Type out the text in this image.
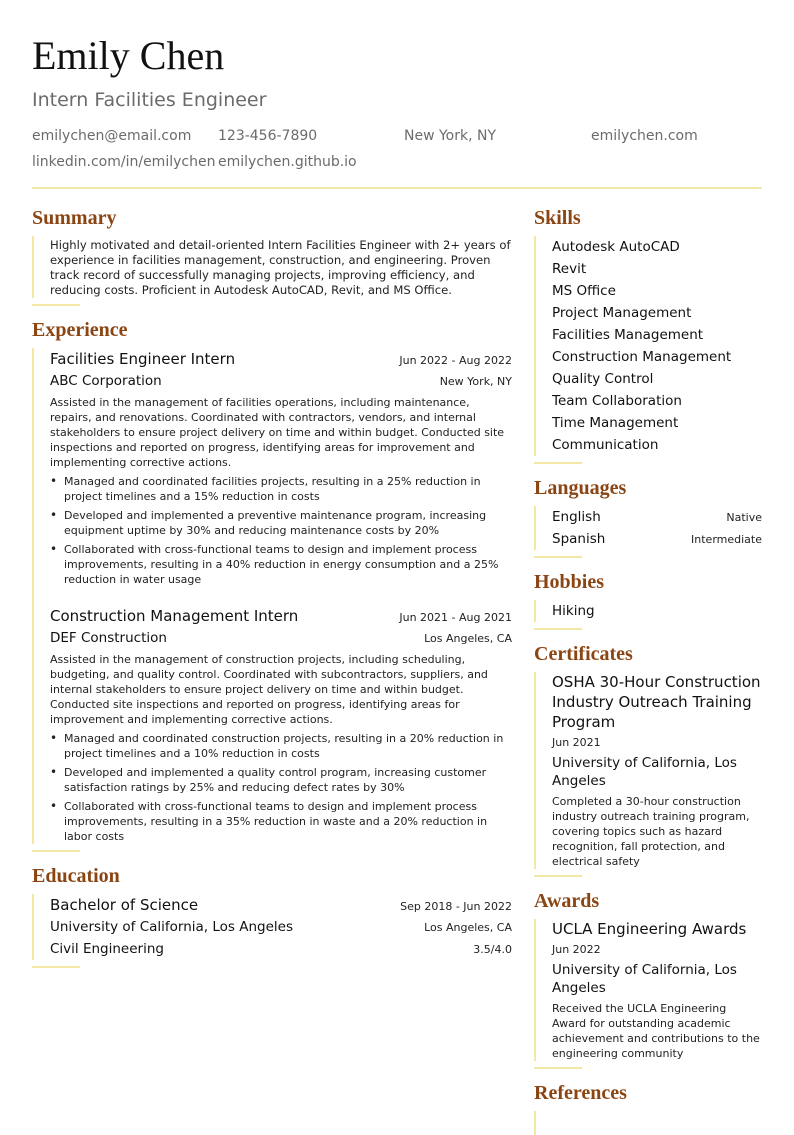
Emily Chen
Intern Facilities Engineer
emilychen@email.com 123-456-7890	New York, NY	emilychen.com
linkedin.com/in/emilychen emilychen.github.io
Summary
Highly motivated and detail-oriented Intern Facilities Engineer with 2+ years of experience in facilities management, construction, and engineering. Proven track record of successfully managing projects, improving efficiency, and reducing costs. Proficient in Autodesk AutoCAD, Revit, and MS Office.
Experience
Facilities Engineer Intern	Jun 2022 - Aug 2022
ABC Corporation	New York, NY
Assisted in the management of facilities operations, including maintenance, repairs, and renovations. Coordinated with contractors, vendors, and internal stakeholders to ensure project delivery on time and within budget. Conducted site inspections and reported on progress, identifying areas for improvement and implementing corrective actions.
• Managed and coordinated facilities projects, resulting in a 25% reduction in project timelines and a 15% reduction in costs
• Developed and implemented a preventive maintenance program, increasing equipment uptime by 30% and reducing maintenance costs by 20%
• Collaborated with cross-functional teams to design and implement process improvements, resulting in a 40% reduction in energy consumption and a 25% reduction in water usage
Construction Management Intern	Jun 2021 - Aug 2021
DEF Construction	Los Angeles, CA
Assisted in the management of construction projects, including scheduling, budgeting, and quality control. Coordinated with subcontractors, suppliers, and internal stakeholders to ensure project delivery on time and within budget. Conducted site inspections and reported on progress, identifying areas for improvement and implementing corrective actions.
• Managed and coordinated construction projects, resulting in a 20% reduction in project timelines and a 10% reduction in costs
• Developed and implemented a quality control program, increasing customer satisfaction ratings by 25% and reducing defect rates by 30%
• Collaborated with cross-functional teams to design and implement process improvements, resulting in a 35% reduction in waste and a 20% reduction in labor costs
Education
Bachelor of Science	Sep 2018 - Jun 2022
University of California, Los Angeles	Los Angeles, CA
Civil Engineering	3.5/4.0
Skills
Autodesk AutoCAD
Revit
MS Office
Project Management
Facilities Management
Construction Management
Quality Control
Team Collaboration
Time Management
Communication
Languages
English	Native
Spanish	Intermediate
Hobbies
Hiking
Certificates
OSHA 30-Hour Construction Industry Outreach Training Program
Jun 2021
University of California, Los Angeles
Completed a 30-hour construction industry outreach training program, covering topics such as hazard recognition, fall protection, and electrical safety
Awards
UCLA Engineering Awards
Jun 2022
University of California, Los Angeles
Received the UCLA Engineering Award for outstanding academic achievement and contributions to the engineering community
References
